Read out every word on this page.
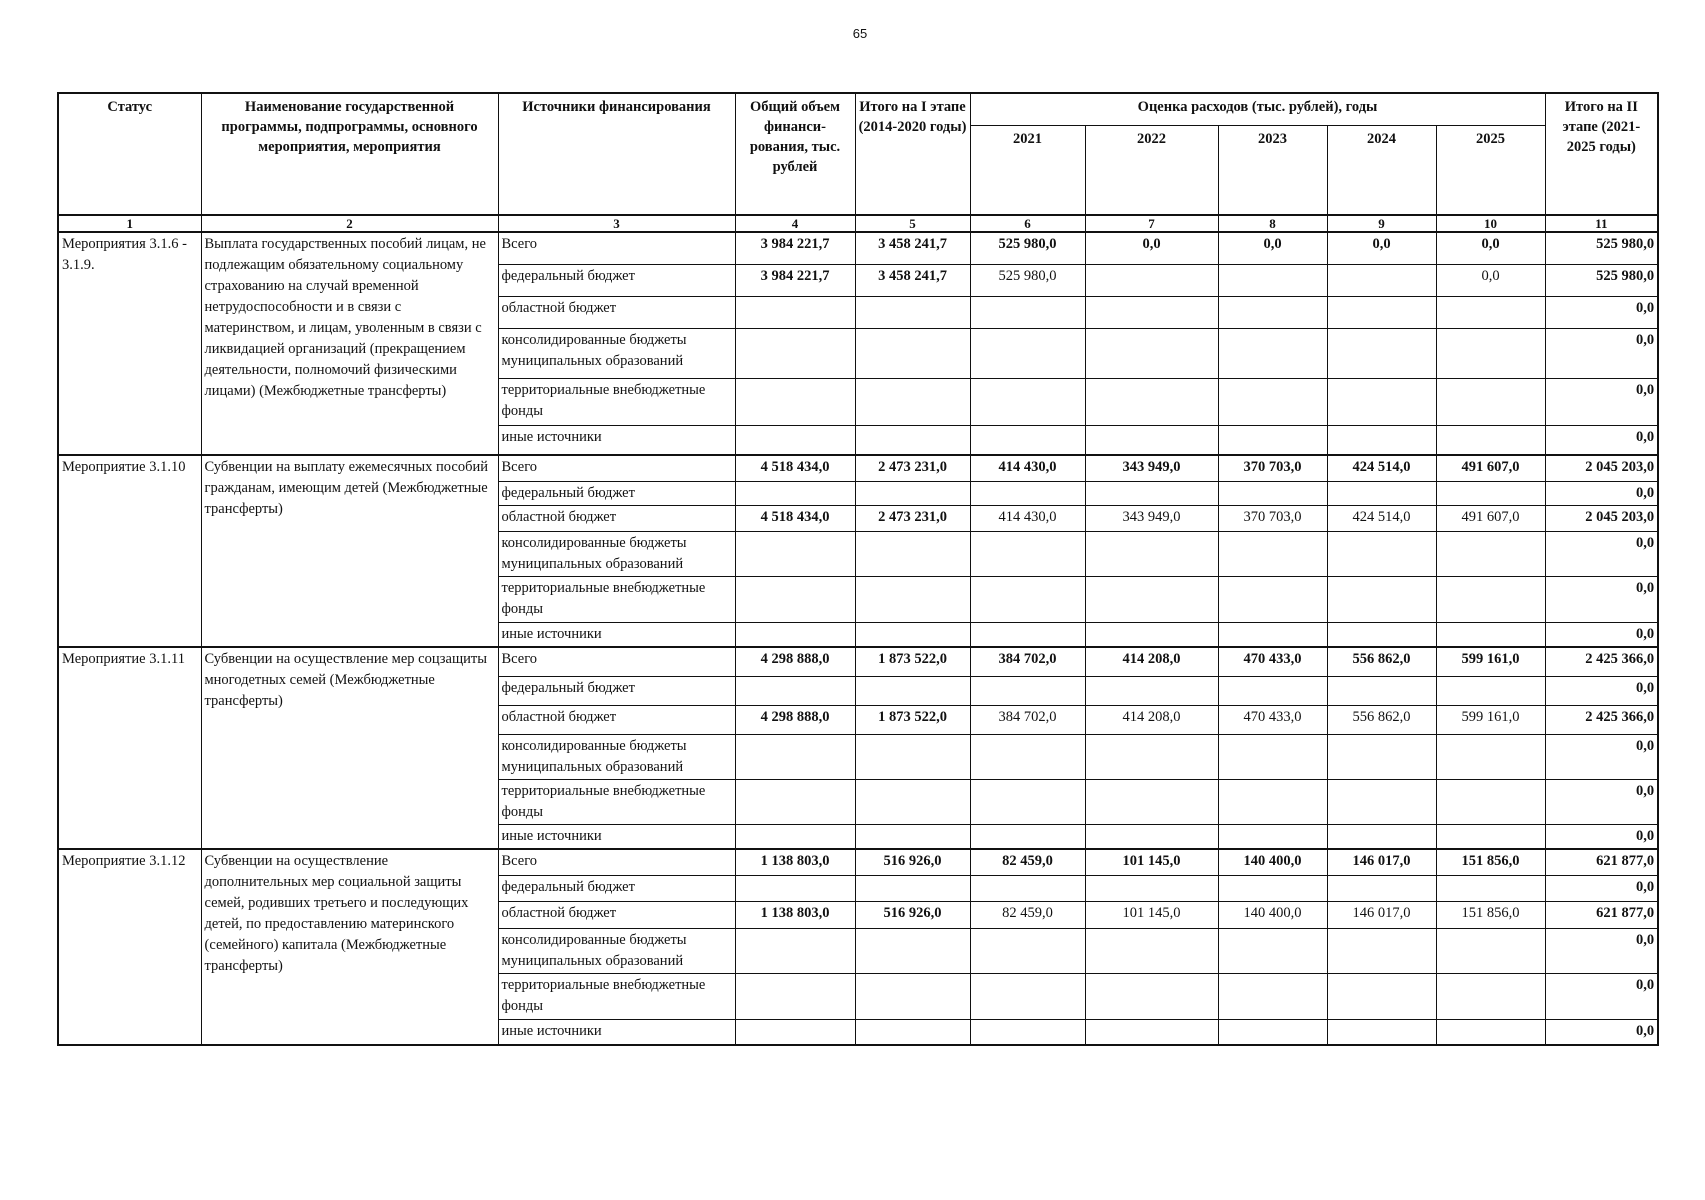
65
Статус	Наименование государственной программы, подпрограммы, основного мероприятия, мероприятия	Источники финансирования	Общий объем финанси-рования, тыс. рублей	Итого на I этапе (2014-2020 годы)	Оценка расходов (тыс. рублей), годы					Итого на II этапе (2021-2025 годы)
					2021	2022	2023	2024	2025	
1	2	3	4	5	6	7	8	9	10	11
Мероприятия 3.1.6 - 3.1.9.	Выплата государственных пособий лицам, не подлежащим обязательному социальному страхованию на случай временной нетрудоспособности и в связи с материнством, и лицам, уволенным в связи с ликвидацией организаций (прекращением деятельности, полномочий физическими лицами) (Межбюджетные трансферты)	Всего	3 984 221,7	3 458 241,7	525 980,0	0,0	0,0	0,0	0,0	525 980,0
		федеральный бюджет	3 984 221,7	3 458 241,7	525 980,0				0,0	525 980,0
		областной бюджет								0,0
		консолидированные бюджеты муниципальных образований								0,0
		территориальные внебюджетные фонды								0,0
		иные источники								0,0
Мероприятие 3.1.10	Субвенции на выплату ежемесячных пособий гражданам, имеющим детей (Межбюджетные трансферты)	Всего	4 518 434,0	2 473 231,0	414 430,0	343 949,0	370 703,0	424 514,0	491 607,0	2 045 203,0
		федеральный бюджет								0,0
		областной бюджет	4 518 434,0	2 473 231,0	414 430,0	343 949,0	370 703,0	424 514,0	491 607,0	2 045 203,0
		консолидированные бюджеты муниципальных образований								0,0
		территориальные внебюджетные фонды								0,0
		иные источники								0,0
Мероприятие 3.1.11	Субвенции на осуществление мер соцзащиты многодетных семей (Межбюджетные трансферты)	Всего	4 298 888,0	1 873 522,0	384 702,0	414 208,0	470 433,0	556 862,0	599 161,0	2 425 366,0
		федеральный бюджет								0,0
		областной бюджет	4 298 888,0	1 873 522,0	384 702,0	414 208,0	470 433,0	556 862,0	599 161,0	2 425 366,0
		консолидированные бюджеты муниципальных образований								0,0
		территориальные внебюджетные фонды								0,0
		иные источники								0,0
Мероприятие 3.1.12	Субвенции на осуществление дополнительных мер социальной защиты семей, родивших третьего и последующих детей, по предоставлению материнского (семейного) капитала (Межбюджетные трансферты)	Всего	1 138 803,0	516 926,0	82 459,0	101 145,0	140 400,0	146 017,0	151 856,0	621 877,0
		федеральный бюджет								0,0
		областной бюджет	1 138 803,0	516 926,0	82 459,0	101 145,0	140 400,0	146 017,0	151 856,0	621 877,0
		консолидированные бюджеты муниципальных образований								0,0
		территориальные внебюджетные фонды								0,0
		иные источники								0,0
